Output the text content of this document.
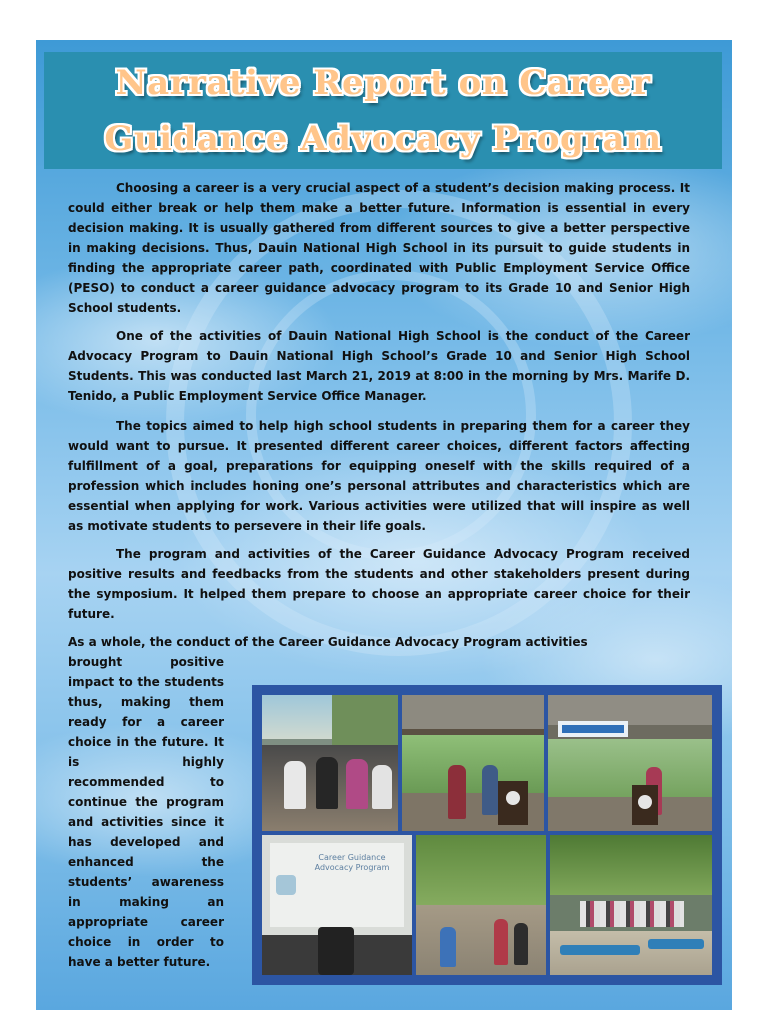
Narrative Report on Career
Guidance Advocacy Program

Choosing a career is a very crucial aspect of a student’s decision making process. It could either break or help them make a better future. Information is essential in every decision making. It is usually gathered from different sources to give a better perspective in making decisions. Thus, Dauin National High School in its pursuit to guide students in finding the appropriate career path, coordinated with Public Employment Service Office (PESO) to conduct a career guidance advocacy program to its Grade 10 and Senior High School students.

One of the activities of Dauin National High School is the conduct of the Career Advocacy Program to Dauin National High School’s Grade 10 and Senior High School Students. This was conducted last March 21, 2019 at 8:00 in the morning by Mrs. Marife D. Tenido, a Public Employment Service Office Manager.

The topics aimed to help high school students in preparing them for a career they would want to pursue. It presented different career choices, different factors affecting fulfillment of a goal, preparations for equipping oneself with the skills required of a profession which includes honing one’s personal attributes and characteristics which are essential when applying for work. Various activities were utilized that will inspire as well as motivate students to persevere in their life goals.

The program and activities of the Career Guidance Advocacy Program received positive results and feedbacks from the students and other stakeholders present during the symposium. It helped them prepare to choose an appropriate career choice for their future.

As a whole, the conduct of the Career Guidance Advocacy Program activities

brought positive impact to the students thus, making them ready for a career choice in the future. It is highly recommended to continue the program and activities since it has developed and enhanced the students’ awareness in making an appropriate career choice in order to have a better future.

Career Guidance
Advocacy Program
